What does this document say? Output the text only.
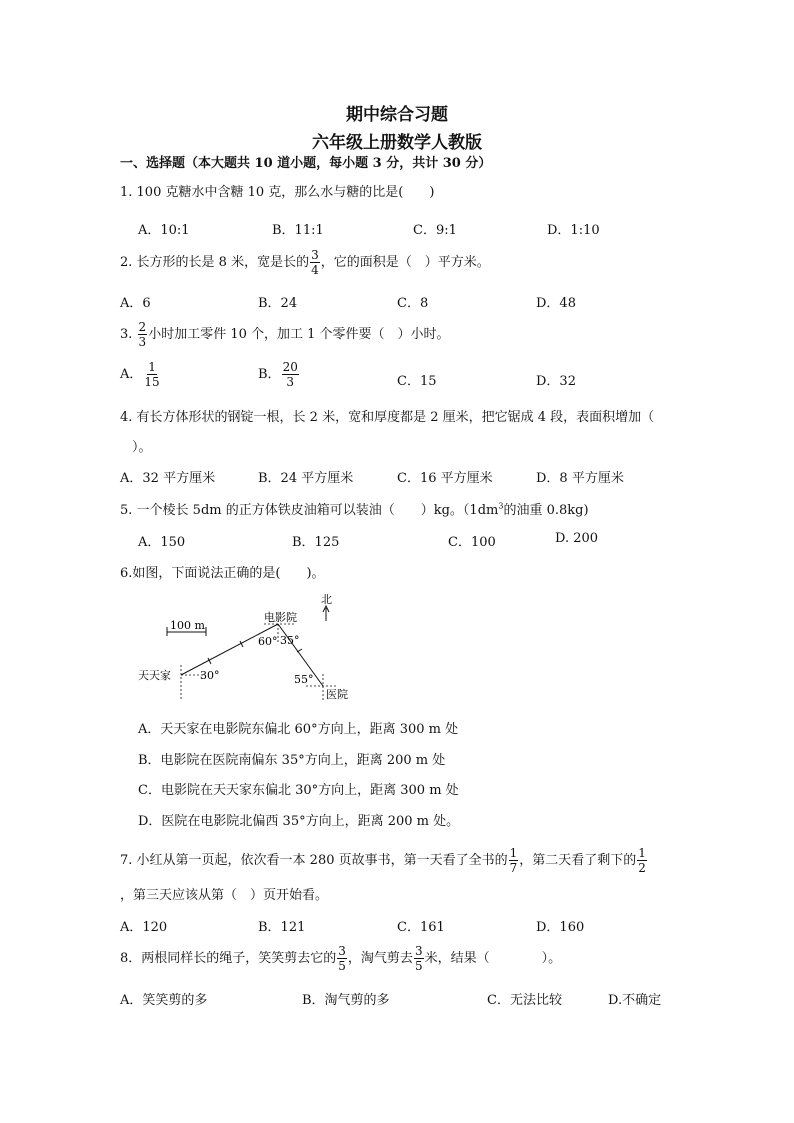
期中综合习题
六年级上册数学人教版
一、选择题（本大题共 10 道小题，每小题 3 分，共计 30 分）
1. 100 克糖水中含糖 10 克，那么水与糖的比是(　　)
A．10:1	B．11:1	C．9:1	D．1:10
2. 长方形的长是 8 米，宽是长的 $\frac{3}{4}$ ，它的面积是（　）平方米。
A．6	B．24	C．8	D．48
3. $\frac{2}{3}$ 小时加工零件 10 个，加工 1 个零件要（　）小时。
A． $\frac{1}{15}$	B． $\frac{20}{3}$	C．15	D．32
4. 有长方体形状的钢锭一根，长 2 米，宽和厚度都是 2 厘米，把它锯成 4 段，表面积增加（
）。
A．32 平方厘米	B．24 平方厘米	C．16 平方厘米	D．8 平方厘米
5. 一个棱长 5dm 的正方体铁皮油箱可以装油（　　）kg。（$1dm^3$的油重 0.8kg)
A．150	B．125	C．100	D. 200
6.如图，下面说法正确的是(　　)。
100 m
北
电影院
天天家
医院
60° 35°
30°	55°
A．天天家在电影院东偏北 60°方向上，距离 300 m 处
B．电影院在医院南偏东 35°方向上，距离 200 m 处
C．电影院在天天家东偏北 30°方向上，距离 300 m 处
D．医院在电影院北偏西 35°方向上，距离 200 m 处。
7. 小红从第一页起，依次看一本 280 页故事书，第一天看了全书的 $\frac{1}{7}$ ，第二天看了剩下的 $\frac{1}{2}$
，第三天应该从第（　）页开始看。
A．120	B．121	C．161	D．160
8．两根同样长的绳子，笑笑剪去它的 $\frac{3}{5}$ ，淘气剪去 $\frac{3}{5}$ 米，结果（　　　　）。
A．笑笑剪的多	B．淘气剪的多	C．无法比较	D.不确定
